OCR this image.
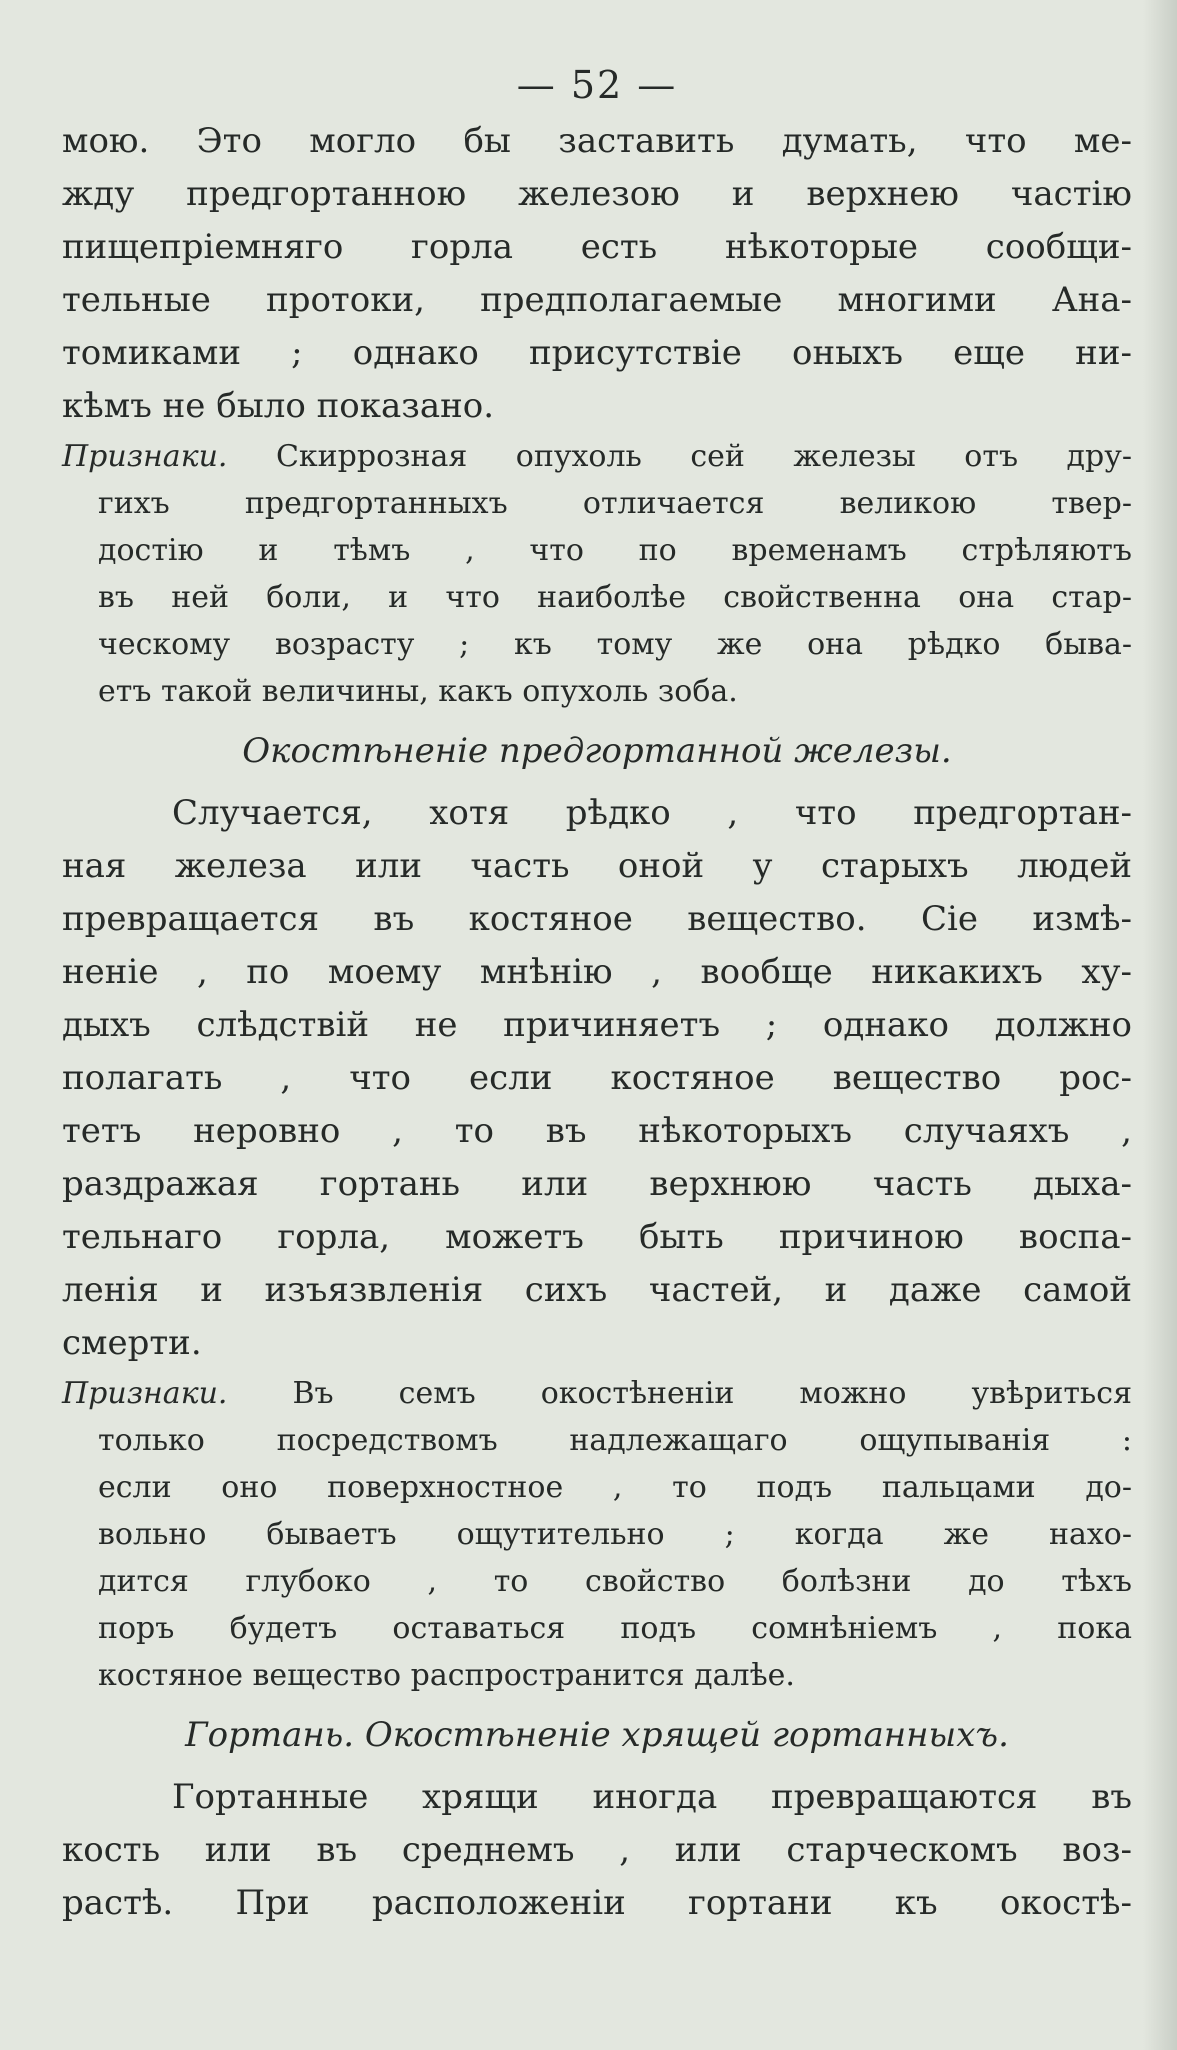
— 52 —
мою. Это могло бы заставить думать, что ме-
жду предгортанною железою и верхнею частiю
пищепрiемняго горла есть нѣкоторые сообщи-
тельные протоки, предполагаемые многими Ана-
томиками ; однако присутствiе оныхъ еще ни-
кѣмъ не было показано.
Признаки. Скиррозная опухоль сей железы отъ дру-
гихъ предгортанныхъ отличается великою твер-
достiю и тѣмъ , что по временамъ стрѣляютъ
въ ней боли, и что наиболѣе свойственна она стар-
ческому возрасту ; къ тому же она рѣдко быва-
етъ такой величины, какъ опухоль зоба.
Окостѣненiе предгортанной железы.
Случается, хотя рѣдко , что предгортан-
ная железа или часть оной у старыхъ людей
превращается въ костяное вещество. Сiе измѣ-
ненiе , по моему мнѣнiю , вообще никакихъ ху-
дыхъ слѣдствiй не причиняетъ ; однако должно
полагать , что если костяное вещество рос-
тетъ неровно , то въ нѣкоторыхъ случаяхъ ,
раздражая гортань или верхнюю часть дыха-
тельнаго горла, можетъ быть причиною воспа-
ленiя и изъязвленiя сихъ частей, и даже самой
смерти.
Признаки. Въ семъ окостѣненiи можно увѣриться
только посредствомъ надлежащаго ощупыванiя :
если оно поверхностное , то подъ пальцами до-
вольно бываетъ ощутительно ; когда же нахо-
дится глубоко , то свойство болѣзни до тѣхъ
поръ будетъ оставаться подъ сомнѣнiемъ , пока
костяное вещество распространится далѣе.
Гортань. Окостѣненiе хрящей гортанныхъ.
Гортанные хрящи иногда превращаются въ
кость или въ среднемъ , или старческомъ воз-
растѣ. При расположенiи гортани къ окостѣ-
